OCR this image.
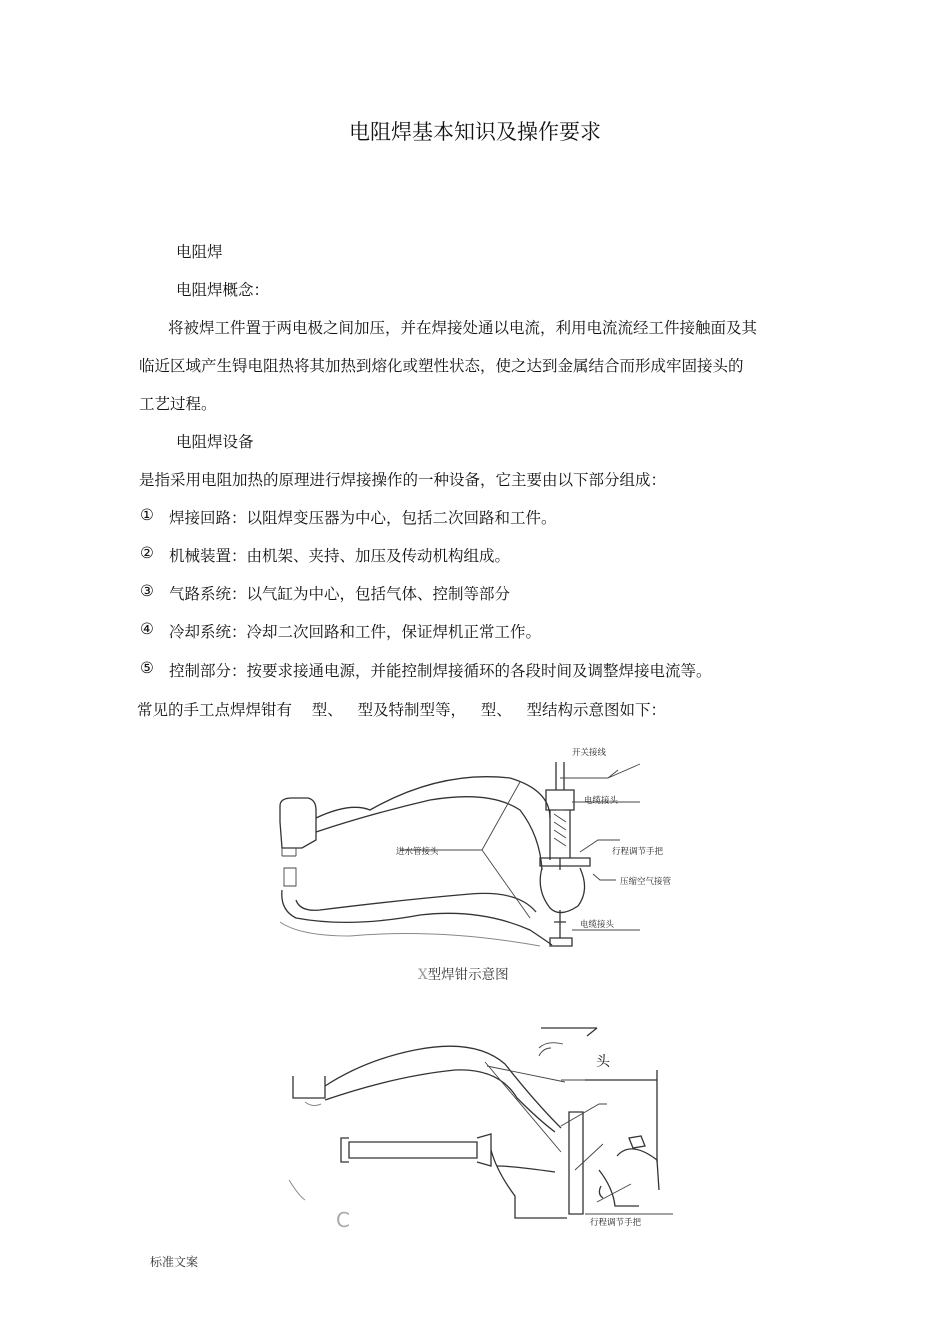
电阻焊基本知识及操作要求
电阻焊
电阻焊概念：
将被焊工件置于两电极之间加压，并在焊接处通以电流，利用电流流经工件接触面及其
临近区域产生锝电阻热将其加热到熔化或塑性状态，使之达到金属结合而形成牢固接头的
工艺过程。
电阻焊设备
是指采用电阻加热的原理进行焊接操作的一种设备，它主要由以下部分组成：
① 焊接回路：以阻焊变压器为中心，包括二次回路和工件。
② 机械装置：由机架、夹持、加压及传动机构组成。
③ 气路系统：以气缸为中心，包括气体、控制等部分
④ 冷却系统：冷却二次回路和工件，保证焊机正常工作。
⑤ 控制部分：按要求接通电源，并能控制焊接循环的各段时间及调整焊接电流等。
常见的手工点焊焊钳有    型、   型及特制型等，   型、   型结构示意图如下：
开关接线
电缆接头
进水管接头	行程调节手把
压缩空气接管
电缆接头
X型焊钳示意图
头
行程调节手把
C
标准文案
